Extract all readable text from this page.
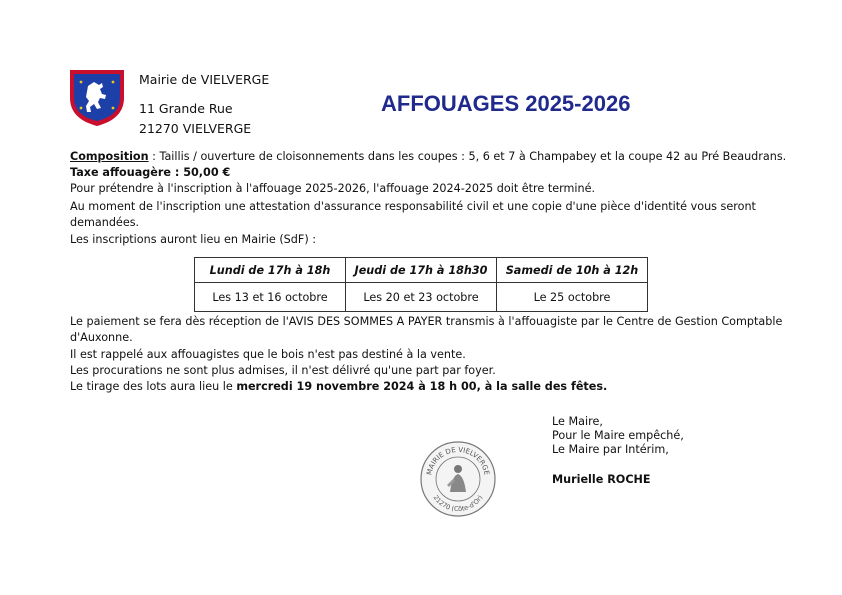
Mairie de VIELVERGE
11 Grande Rue
21270 VIELVERGE
AFFOUAGES 2025-2026
Composition : Taillis / ouverture de cloisonnements dans les coupes : 5, 6 et 7 à Champabey et la coupe 42 au Pré Beaudrans.
Taxe affouagère : 50,00 €
Pour prétendre à l'inscription à l'affouage 2025-2026, l'affouage 2024-2025 doit être terminé.
Au moment de l'inscription une attestation d'assurance responsabilité civil et une copie d'une pièce d'identité vous seront
demandées.
Les inscriptions auront lieu en Mairie (SdF) :
Lundi de 17h à 18h	Jeudi de 17h à 18h30	Samedi de 10h à 12h
Les 13 et 16 octobre	Les 20 et 23 octobre	Le 25 octobre
Le paiement se fera dès réception de l'AVIS DES SOMMES A PAYER transmis à l'affouagiste par le Centre de Gestion Comptable
d'Auxonne.
Il est rappelé aux affouagistes que le bois n'est pas destiné à la vente.
Les procurations ne sont plus admises, il n'est délivré qu'une part par foyer.
Le tirage des lots aura lieu le mercredi 19 novembre 2024 à 18 h 00, à la salle des fêtes.
Le Maire,
Pour le Maire empêché,
Le Maire par Intérim,
Murielle ROCHE
MAIRIE DE VIELVERGE
21270 (Côte-d'Or)
